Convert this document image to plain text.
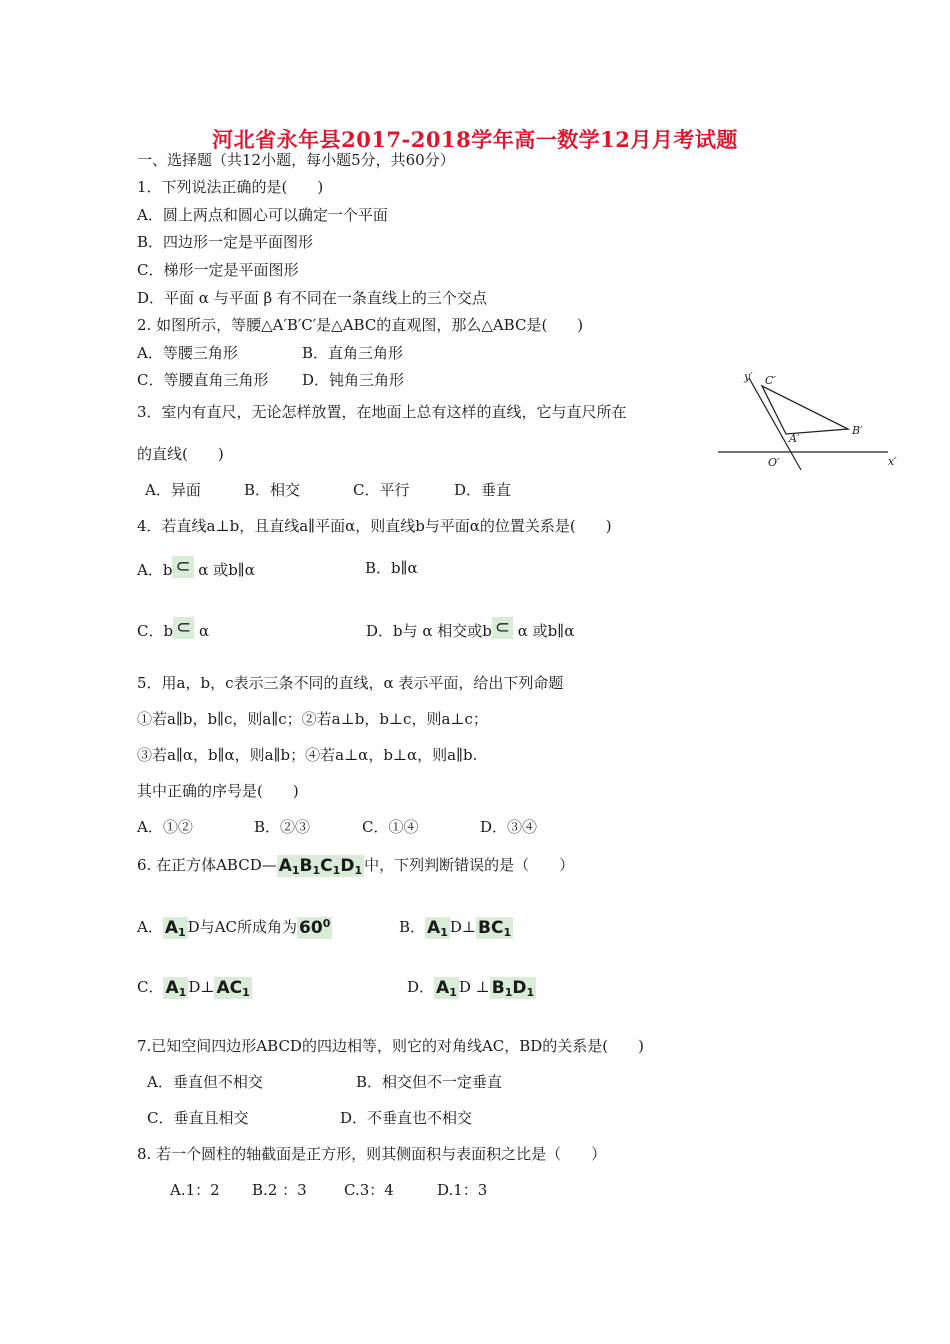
河北省永年县2017-2018学年高一数学12月月考试题
一、选择题（共12小题，每小题5分，共60分）
1．下列说法正确的是(　　)
A．圆上两点和圆心可以确定一个平面
B．四边形一定是平面图形
C．梯形一定是平面图形
D．平面 α 与平面 β 有不同在一条直线上的三个交点
2. 如图所示，等腰△A′B′C′是△ABC的直观图，那么△ABC是(　　)
A．等腰三角形	B．直角三角形
C．等腰直角三角形 D．钝角三角形	y′ C′
A′
B′
O′	x′
3．室内有直尺，无论怎样放置，在地面上总有这样的直线，它与直尺所在
的直线(　　)
A．异面	B．相交	C．平行	D．垂直
4．若直线a⊥b，且直线a∥平面α，则直线b与平面α的位置关系是(　　)
A．b ⊂ α 或b∥α	B．b∥α
C．b ⊂ α	D．b与 α 相交或b ⊂ α 或b∥α
5．用a，b，c表示三条不同的直线，α 表示平面，给出下列命题
①若a∥b，b∥c，则a∥c；②若a⊥b，b⊥c，则a⊥c；
③若a∥α，b∥α，则a∥b；④若a⊥α，b⊥α，则a∥b.
其中正确的序号是(　　)
A．①②	B．②③	C．①④	D．③④
6. 在正方体ABCD— $A_1B_1C_1D_1$ 中，下列判断错误的是（　　）
A． $A_1$ D与AC所成角为 $60^0$	B． $A_1$ D⊥ $BC_1$
C． $A_1$ D⊥ $AC_1$	D． $A_1$ D ⊥ $B_1D_1$
7.已知空间四边形ABCD的四边相等，则它的对角线AC，BD的关系是(　　)
A．垂直但不相交	B．相交但不一定垂直
C．垂直且相交	D．不垂直也不相交
8. 若一个圆柱的轴截面是正方形，则其侧面积与表面积之比是（　　）
A.1：2 B.2 ：3 C.3：4	D.1：3
